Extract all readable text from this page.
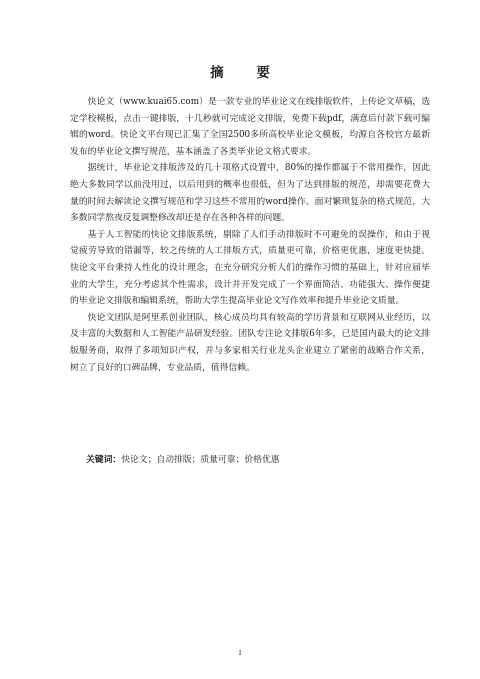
摘 要

快论文（www.kuai65.com）是一款专业的毕业论文在线排版软件，上传论文草稿，选定学校模板，点击一键排版，十几秒就可完成论文排版，免费下载pdf，满意后付款下载可编辑的word。快论文平台现已汇集了全国2500多所高校毕业论文模板，均源自各校官方最新发布的毕业论文撰写规范，基本涵盖了各类毕业论文格式要求。

据统计，毕业论文排版涉及的几十项格式设置中，80%的操作都属于不常用操作，因此绝大多数同学以前没用过，以后用到的概率也很低，但为了达到排版的规范，却需要花费大量的时间去解读论文撰写规范和学习这些不常用的word操作。面对繁琐复杂的格式规范，大多数同学熬夜反复调整修改却还是存在各种各样的问题。

基于人工智能的快论文排版系统，剔除了人们手动排版时不可避免的误操作，和由于视觉疲劳导致的错漏等，较之传统的人工排版方式，质量更可靠，价格更优惠，速度更快捷。快论文平台秉持人性化的设计理念，在充分研究分析人们的操作习惯的基础上，针对应届毕业的大学生，充分考虑其个性需求，设计并开发完成了一个界面简洁、功能强大、操作便捷的毕业论文排版和编辑系统，帮助大学生提高毕业论文写作效率和提升毕业论文质量。

快论文团队是阿里系创业团队，核心成员均具有较高的学历背景和互联网从业经历，以及丰富的大数据和人工智能产品研发经验。团队专注论文排版6年多，已是国内最大的论文排版服务商，取得了多项知识产权，并与多家相关行业龙头企业建立了紧密的战略合作关系，树立了良好的口碑品牌，专业品质，值得信赖。

关键词：快论文；自动排版；质量可靠；价格优惠
I
